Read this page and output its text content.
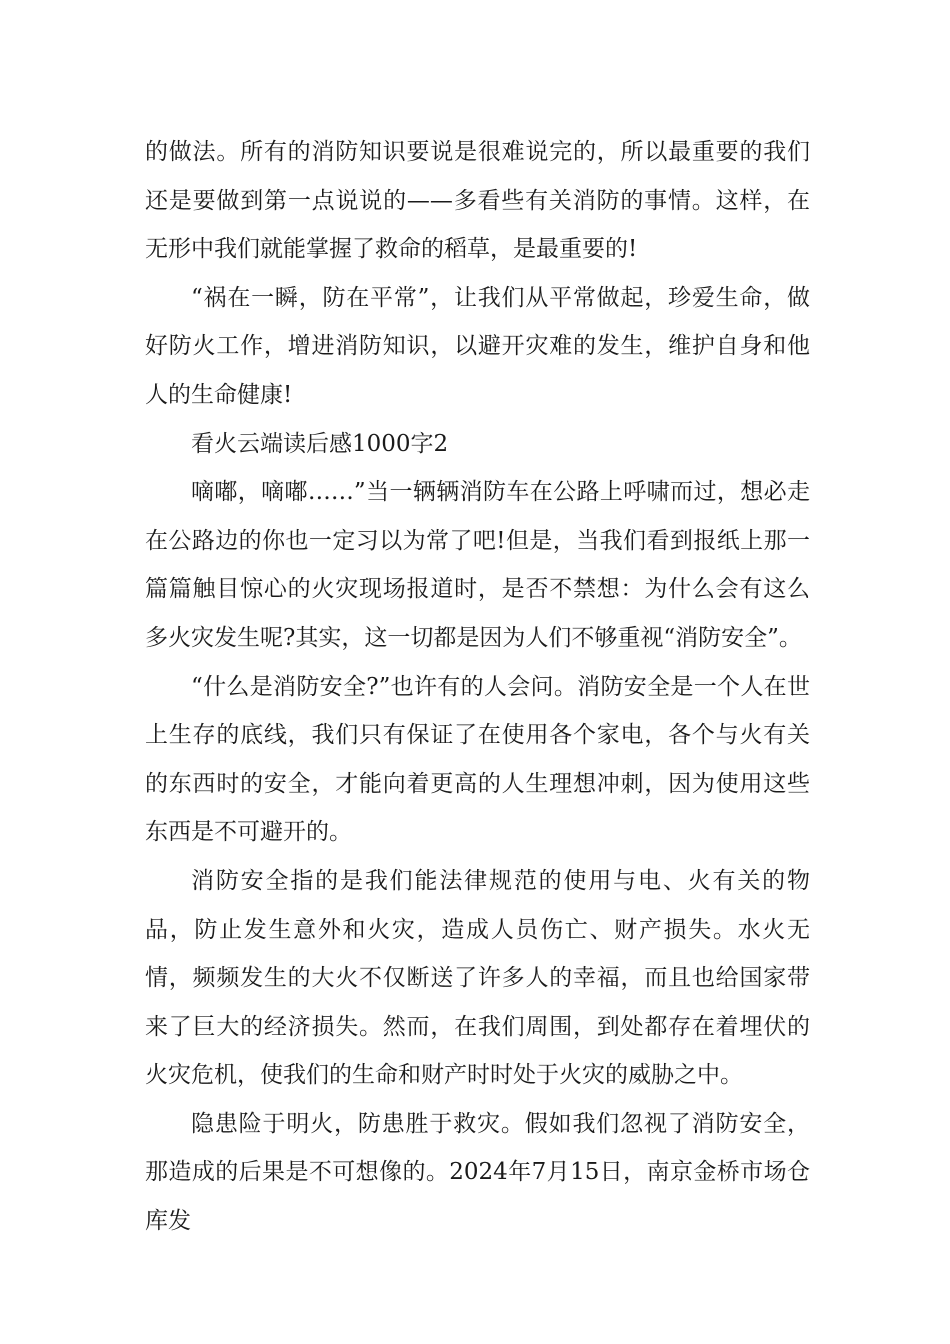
的做法。所有的消防知识要说是很难说完的，所以最重要的我们还是要做到第一点说说的——多看些有关消防的事情。这样，在无形中我们就能掌握了救命的稻草，是最重要的!

“祸在一瞬，防在平常”，让我们从平常做起，珍爱生命，做好防火工作，增进消防知识，以避开灾难的发生，维护自身和他人的生命健康!

看火云端读后感1000字2

嘀嘟，嘀嘟……”当一辆辆消防车在公路上呼啸而过，想必走在公路边的你也一定习以为常了吧!但是，当我们看到报纸上那一篇篇触目惊心的火灾现场报道时，是否不禁想：为什么会有这么多火灾发生呢?其实，这一切都是因为人们不够重视“消防安全”。

“什么是消防安全?”也许有的人会问。消防安全是一个人在世上生存的底线，我们只有保证了在使用各个家电，各个与火有关的东西时的安全，才能向着更高的人生理想冲刺，因为使用这些东西是不可避开的。

消防安全指的是我们能法律规范的使用与电、火有关的物品，防止发生意外和火灾，造成人员伤亡、财产损失。水火无情，频频发生的大火不仅断送了许多人的幸福，而且也给国家带来了巨大的经济损失。然而，在我们周围，到处都存在着埋伏的火灾危机，使我们的生命和财产时时处于火灾的威胁之中。

隐患险于明火，防患胜于救灾。假如我们忽视了消防安全，那造成的后果是不可想像的。2024年7月15日，南京金桥市场仓库发
